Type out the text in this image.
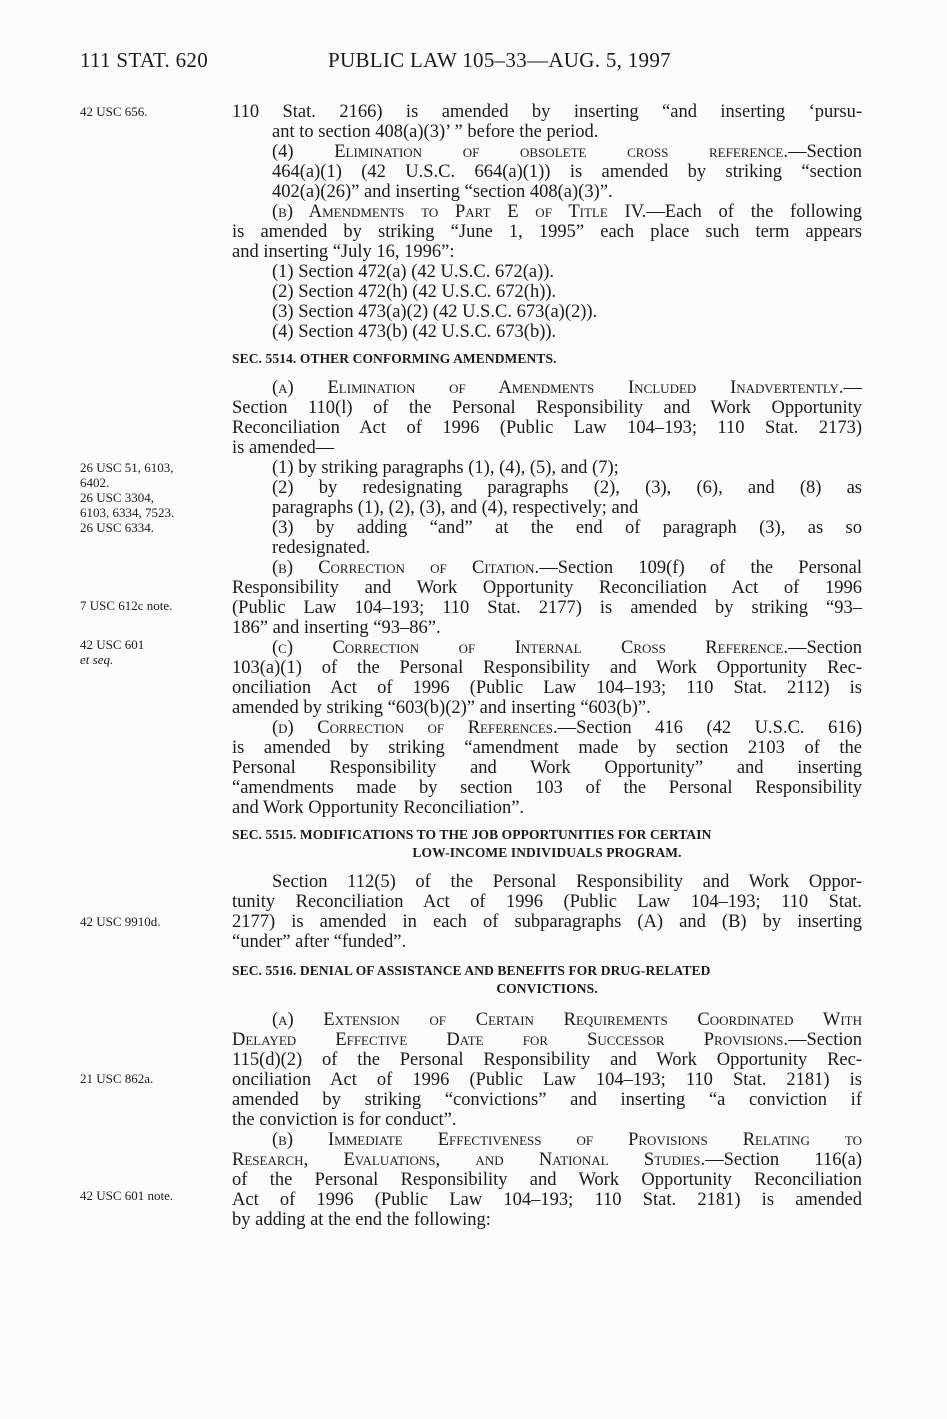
111 STAT. 620	PUBLIC LAW 105–33—AUG. 5, 1997
42 USC 656.
26 USC 51, 6103,
6402.
26 USC 3304,
6103, 6334, 7523.
26 USC 6334.
7 USC 612c note.
42 USC 601
et seq.
42 USC 9910d.
21 USC 862a.
42 USC 601 note.
110 Stat. 2166) is amended by inserting “and inserting ‘pursu-
ant to section 408(a)(3)’ ” before the period.
(4) Elimination of obsolete cross reference.—Section
464(a)(1) (42 U.S.C. 664(a)(1)) is amended by striking “section
402(a)(26)” and inserting “section 408(a)(3)”.
(b) Amendments to Part E of Title IV.—Each of the following
is amended by striking “June 1, 1995” each place such term appears
and inserting “July 16, 1996”:
(1) Section 472(a) (42 U.S.C. 672(a)).
(2) Section 472(h) (42 U.S.C. 672(h)).
(3) Section 473(a)(2) (42 U.S.C. 673(a)(2)).
(4) Section 473(b) (42 U.S.C. 673(b)).
SEC. 5514. OTHER CONFORMING AMENDMENTS.
(a) Elimination of Amendments Included Inadvertently.—
Section 110(l) of the Personal Responsibility and Work Opportunity
Reconciliation Act of 1996 (Public Law 104–193; 110 Stat. 2173)
is amended—
(1) by striking paragraphs (1), (4), (5), and (7);
(2) by redesignating paragraphs (2), (3), (6), and (8) as
paragraphs (1), (2), (3), and (4), respectively; and
(3) by adding “and” at the end of paragraph (3), as so
redesignated.
(b) Correction of Citation.—Section 109(f) of the Personal
Responsibility and Work Opportunity Reconciliation Act of 1996
(Public Law 104–193; 110 Stat. 2177) is amended by striking “93–
186” and inserting “93–86”.
(c) Correction of Internal Cross Reference.—Section
103(a)(1) of the Personal Responsibility and Work Opportunity Rec-
onciliation Act of 1996 (Public Law 104–193; 110 Stat. 2112) is
amended by striking “603(b)(2)” and inserting “603(b)”.
(d) Correction of References.—Section 416 (42 U.S.C. 616)
is amended by striking “amendment made by section 2103 of the
Personal Responsibility and Work Opportunity” and inserting
“amendments made by section 103 of the Personal Responsibility
and Work Opportunity Reconciliation”.
SEC. 5515. MODIFICATIONS TO THE JOB OPPORTUNITIES FOR CERTAIN
LOW-INCOME INDIVIDUALS PROGRAM.
Section 112(5) of the Personal Responsibility and Work Oppor-
tunity Reconciliation Act of 1996 (Public Law 104–193; 110 Stat.
2177) is amended in each of subparagraphs (A) and (B) by inserting
“under” after “funded”.
SEC. 5516. DENIAL OF ASSISTANCE AND BENEFITS FOR DRUG-RELATED
CONVICTIONS.
(a) Extension of Certain Requirements Coordinated With
Delayed Effective Date for Successor Provisions.—Section
115(d)(2) of the Personal Responsibility and Work Opportunity Rec-
onciliation Act of 1996 (Public Law 104–193; 110 Stat. 2181) is
amended by striking “convictions” and inserting “a conviction if
the conviction is for conduct”.
(b) Immediate Effectiveness of Provisions Relating to
Research, Evaluations, and National Studies.—Section 116(a)
of the Personal Responsibility and Work Opportunity Reconciliation
Act of 1996 (Public Law 104–193; 110 Stat. 2181) is amended
by adding at the end the following:
